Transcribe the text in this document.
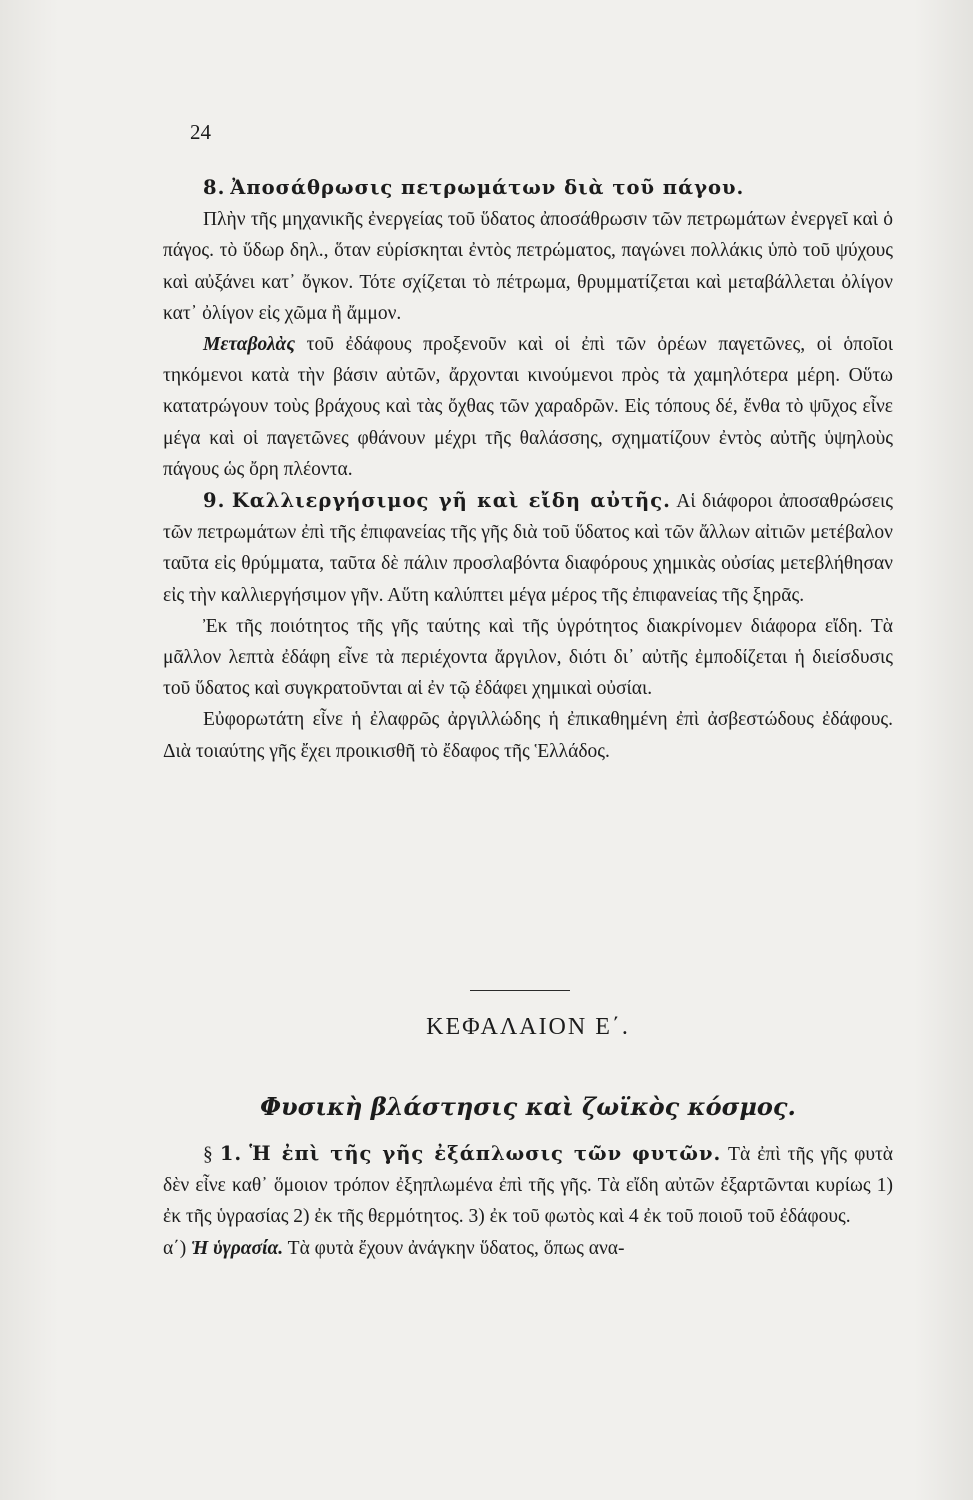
24

8. Ἀποσάθρωσις πετρωμάτων διὰ τοῦ πάγου.

Πλὴν τῆς μηχανικῆς ἐνεργείας τοῦ ὕδατος ἀποσάθρωσιν τῶν πετρωμάτων ἐνεργεῖ καὶ ὁ πάγος. τὸ ὕδωρ δηλ., ὅταν εὑρίσκηται ἐντὸς πετρώματος, παγώνει πολλάκις ὑπὸ τοῦ ψύχους καὶ αὐξάνει κατ᾿ ὄγκον. Τότε σχίζεται τὸ πέτρωμα, θρυμματίζεται καὶ μεταβάλλεται ὀλίγον κατ᾿ ὀλίγον εἰς χῶμα ἢ ἄμμον.

Μεταβολὰς τοῦ ἐδάφους προξενοῦν καὶ οἱ ἐπὶ τῶν ὀρέων παγετῶνες, οἱ ὁποῖοι τηκόμενοι κατὰ τὴν βάσιν αὐτῶν, ἄρχονται κινούμενοι πρὸς τὰ χαμηλότερα μέρη. Οὕτω κατατρώγουν τοὺς βράχους καὶ τὰς ὄχθας τῶν χαραδρῶν. Εἰς τόπους δέ, ἔνθα τὸ ψῦχος εἶνε μέγα καὶ οἱ παγετῶνες φθάνουν μέχρι τῆς θαλάσσης, σχηματίζουν ἐντὸς αὐτῆς ὑψηλοὺς πάγους ὡς ὄρη πλέοντα.

9. Καλλιεργήσιμος γῆ καὶ εἴδη αὐτῆς. Αἱ διάφοροι ἀποσαθρώσεις τῶν πετρωμάτων ἐπὶ τῆς ἐπιφανείας τῆς γῆς διὰ τοῦ ὕδατος καὶ τῶν ἄλλων αἰτιῶν μετέβαλον ταῦτα εἰς θρύμματα, ταῦτα δὲ πάλιν προσλαβόντα διαφόρους χημικὰς οὐσίας μετεβλήθησαν εἰς τὴν καλλιεργήσιμον γῆν. Αὕτη καλύπτει μέγα μέρος τῆς ἐπιφανείας τῆς ξηρᾶς.

Ἐκ τῆς ποιότητος τῆς γῆς ταύτης καὶ τῆς ὑγρότητος διακρίνομεν διάφορα εἴδη. Τὰ μᾶλλον λεπτὰ ἐδάφη εἶνε τὰ περιέχοντα ἄργιλον, διότι δι᾿ αὐτῆς ἐμποδίζεται ἡ διείσδυσις τοῦ ὕδατος καὶ συγκρατοῦνται αἱ ἐν τῷ ἐδάφει χημικαὶ οὐσίαι.

Εὐφορωτάτη εἶνε ἡ ἐλαφρῶς ἀργιλλώδης ἡ ἐπικαθημένη ἐπὶ ἀσβεστώδους ἐδάφους. Διὰ τοιαύτης γῆς ἔχει προικισθῆ τὸ ἔδαφος τῆς Ἑλλάδος.

ΚΕΦΑΛΑΙΟΝ Ε΄.
Φυσικὴ βλάστησις καὶ ζωϊκὸς κόσμος.

§ 1. Ἡ ἐπὶ τῆς γῆς ἐξάπλωσις τῶν φυτῶν. Τὰ ἐπὶ τῆς γῆς φυτὰ δὲν εἶνε καθ᾿ ὅμοιον τρόπον ἐξηπλωμένα ἐπὶ τῆς γῆς. Τὰ εἴδη αὐτῶν ἐξαρτῶνται κυρίως 1) ἐκ τῆς ὑγρασίας 2) ἐκ τῆς θερμότητος. 3) ἐκ τοῦ φωτὸς καὶ 4 ἐκ τοῦ ποιοῦ τοῦ ἐδάφους.

α΄) Ἡ ὑγρασία. Τὰ φυτὰ ἔχουν ἀνάγκην ὕδατος, ὅπως ανα-
